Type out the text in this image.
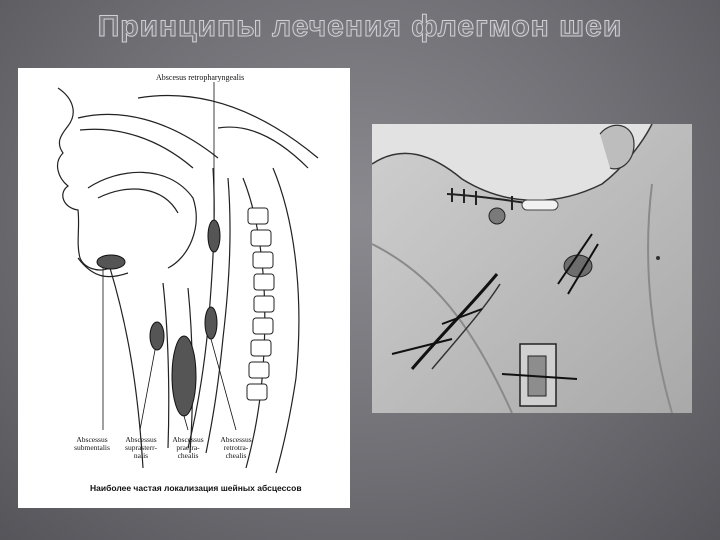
Принципы лечения флегмон шеи
Abscesus retropharyngealis
Absсessus
submentalis
Abscessus
suprasterr-
nalis
Abscessus
praetra-
chealis
Abscessus
retrotra-
chealis
Наиболее частая локализация шейных абсцессов
